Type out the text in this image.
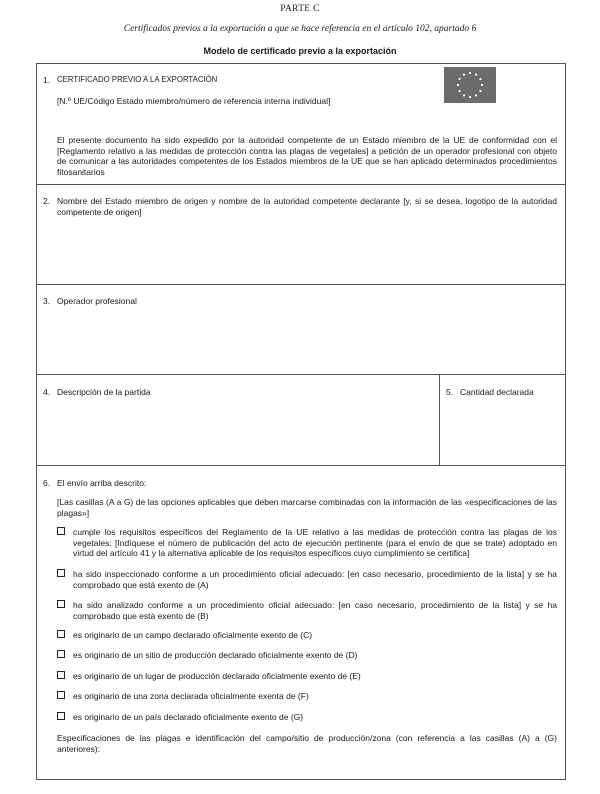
PARTE C
Certificados previos a la exportación a que se hace referencia en el artículo 102, apartado 6
Modelo de certificado previo a la exportación
1. CERTIFICADO PREVIO A LA EXPORTACIÓN
[N.º UE/Código Estado miembro/número de referencia interna individual]
El presente documento ha sido expedido por la autoridad competente de un Estado miembro de la UE de conformidad con el [Reglamento relativo a las medidas de protección contra las plagas de vegetales] a petición de un operador profesional con objeto de comunicar a las autoridades competentes de los Estados miembros de la UE que se han aplicado determinados procedimientos fitosanitarios
2. Nombre del Estado miembro de origen y nombre de la autoridad competente declarante [y, si se desea, logotipo de la autoridad competente de origen]
3. Operador profesional
4. Descripción de la partida	5. Cantidad declarada
6. El envío arriba descrito:
[Las casillas (A a G) de las opciones aplicables que deben marcarse combinadas con la información de las «especificaciones de las plagas»]
cumple los requisitos específicos del Reglamento de la UE relativo a las medidas de protección contra las plagas de los vegetales: [Indíquese el número de publicación del acto de ejecución pertinente (para el envío de que se trate) adoptado en virtud del artículo 41 y la alternativa aplicable de los requisitos específicos cuyo cumplimiento se certifica]
ha sido inspeccionado conforme a un procedimiento oficial adecuado: [en caso necesario, procedimiento de la lista] y se ha comprobado que está exento de (A)
ha sido analizado conforme a un procedimiento oficial adecuado: [en caso necesario, procedimiento de la lista] y se ha comprobado que está exento de (B)
es originario de un campo declarado oficialmente exento de (C)
es originario de un sitio de producción declarado oficialmente exento de (D)
es originario de un lugar de producción declarado oficialmente exento de (E)
es originario de una zona declarada oficialmente exenta de (F)
es originario de un país declarado oficialmente exento de (G)
Especificaciones de las plagas e identificación del campo/sitio de producción/zona (con referencia a las casillas (A) a (G) anteriores):
